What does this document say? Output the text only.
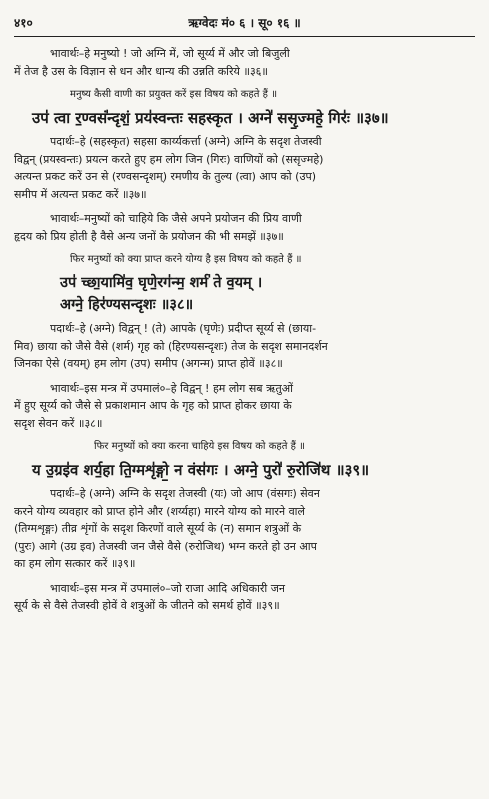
४१०	ऋग्वेदः मं० ६ । सू० १६ ॥

भावार्थः–हे मनुष्यो ! जो अग्नि में, जो सूर्य्य में और जो बिजुली

में तेज है उस के विज्ञान से धन और धान्य की उन्नति करिये ॥३६॥

मनुष्य कैसी वाणी का प्रयुक्त करें इस विषय को कहते हैं ॥

उप॑ त्वा र॒ण्वसं॑न्दृशं॒ प्रय॑स्वन्तः सहस्कृत । अग्ने॑ ससृ॒ज्महे॒ गिरः॑ ॥३७॥

पदार्थः–हे (सहस्कृत) सहसा कार्य्यकर्त्ता (अग्ने) अग्नि के सदृश तेजस्वी

विद्वन् (प्रयस्वन्तः) प्रयत्न करते हुए हम लोग जिन (गिरः) वाणियों को (ससृज्महे)

अत्यन्त प्रकट करें उन से (रण्वसन्दृशम्) रमणीय के तुल्य (त्वा) आप को (उप)

समीप में अत्यन्त प्रकट करें ॥३७॥

भावार्थः–मनुष्यों को चाहिये कि जैसे अपने प्रयोजन की प्रिय वाणी

हृदय को प्रिय होती है वैसे अन्य जनों के प्रयोजन की भी समझें ॥३७॥

फिर मनुष्यों को क्या प्राप्त करने योग्य है इस विषय को कहते हैं ॥

उप॑ च्छा॒यामि॑व॒ घृणे॒रग॑न्म॒ शर्म॑ ते व॒यम् ।

अग्ने॒ हिर॑ण्यसन्दृशः ॥३८॥

पदार्थः–हे (अग्ने) विद्वन् ! (ते) आपके (घृणेः) प्रदीप्त सूर्य्य से (छाया-

मिव) छाया को जैसे वैसे (शर्म) गृह को (हिरण्यसन्दृशः) तेज के सदृश समानदर्शन

जिनका ऐसे (वयम्) हम लोग (उप) समीप (अगन्म) प्राप्त होवें ॥३८॥

भावार्थः–इस मन्त्र में उपमालं०–हे विद्वन् ! हम लोग सब ऋतुओं

में हुए सूर्य्य को जैसे से प्रकाशमान आप के गृह को प्राप्त होकर छाया के

सदृश सेवन करें ॥३८॥

फिर मनुष्यों को क्या करना चाहिये इस विषय को कहते हैं ॥

य उ॒ग्रइ॑व शर्य॒हा ति॒ग्मशृ॑ङ्गो॒ न वंस॑गः । अग्ने॒ पुरो॑ रु॒रोजि॑थ ॥३९॥

पदार्थः–हे (अग्ने) अग्नि के सदृश तेजस्वी (यः) जो आप (वंसगः) सेवन

करने योग्य व्यवहार को प्राप्त होने और (शर्य्यहा) मारने योग्य को मारने वाले

(तिग्मशृङ्गः) तीव्र शृंगों के सदृश किरणों वाले सूर्य्य के (न) समान शत्रुओं के

(पुरः) आगे (उग्र इव) तेजस्वी जन जैसे वैसे (रुरोजिथ) भग्न करते हो उन आप

का हम लोग सत्कार करें ॥३९॥

भावार्थः–इस मन्त्र में उपमालं०–जो राजा आदि अधिकारी जन

सूर्य के से वैसे तेजस्वी होवें वे शत्रुओं के जीतने को समर्थ होवें ॥३९॥
